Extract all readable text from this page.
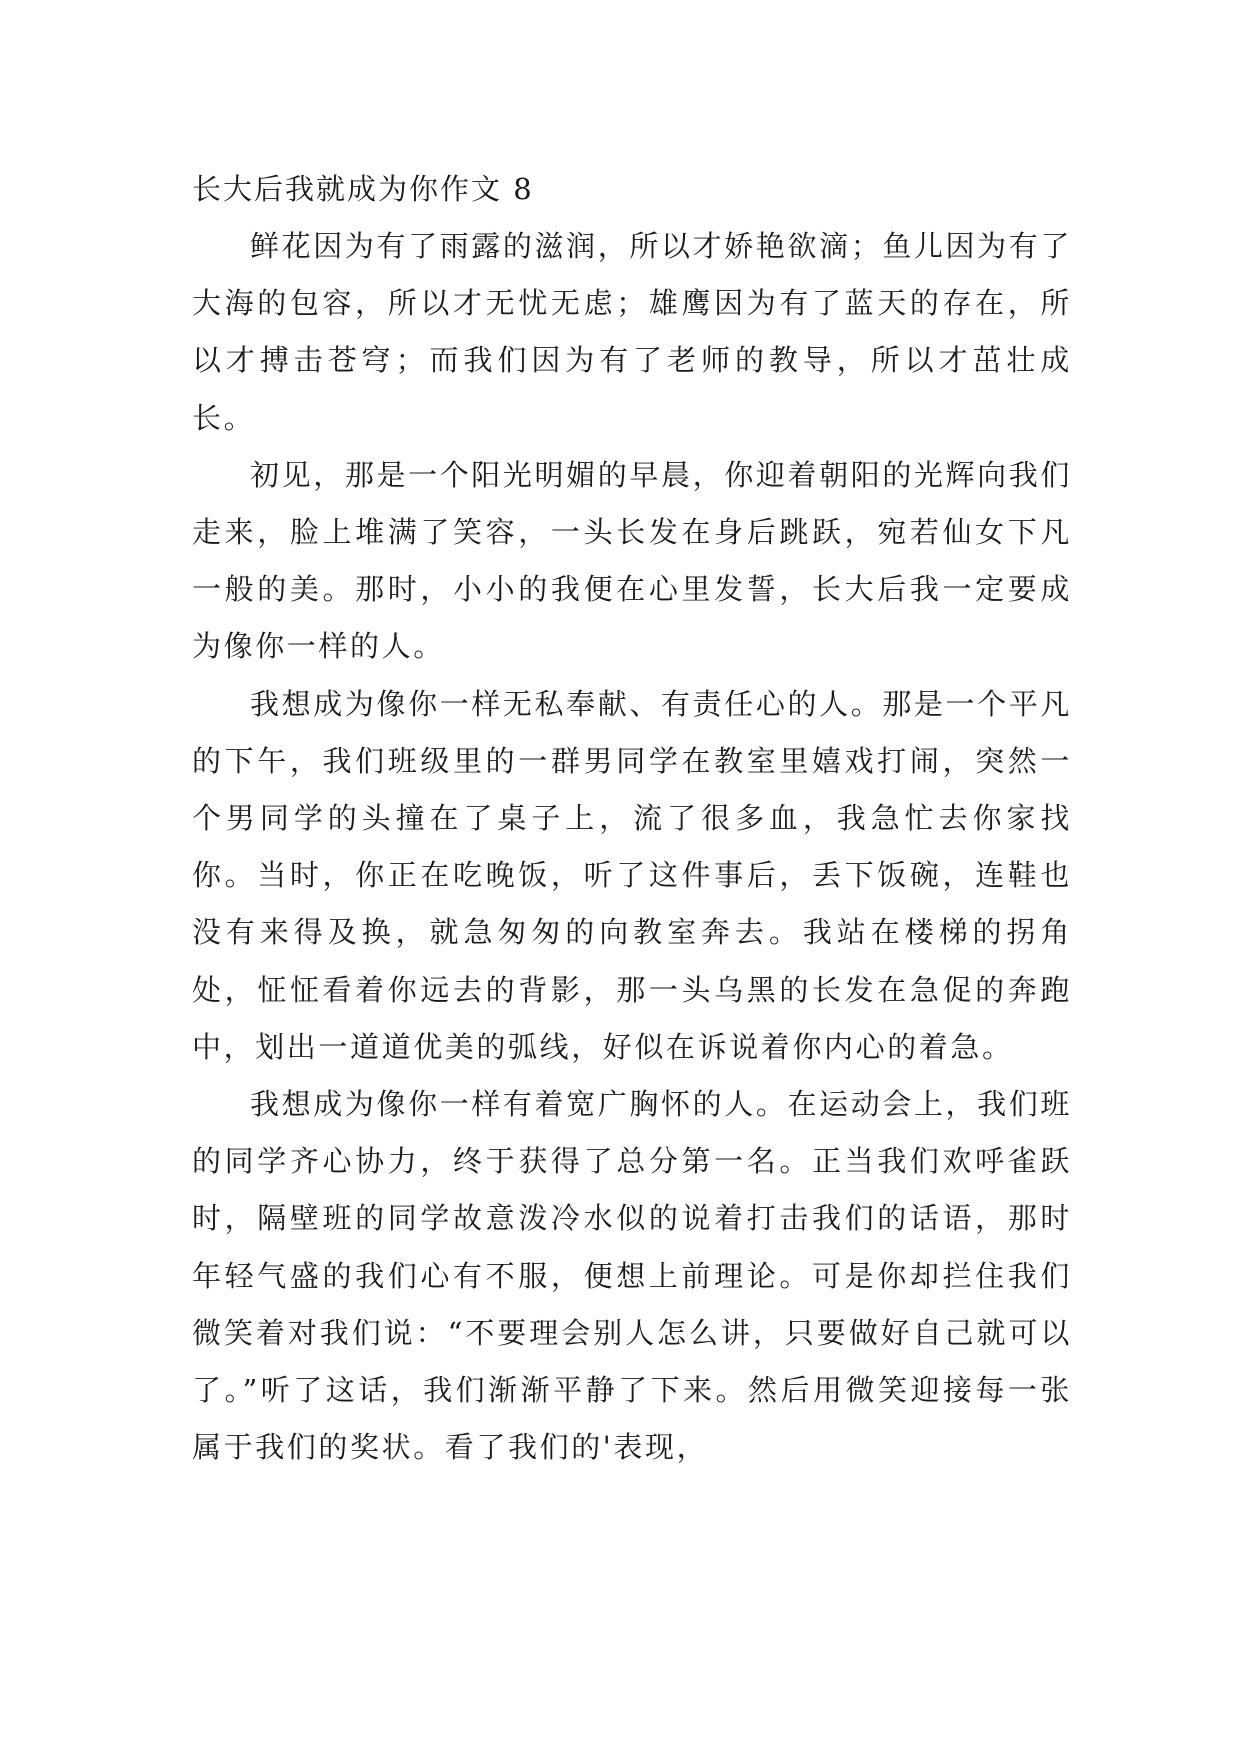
长大后我就成为你作文 8

鲜花因为有了雨露的滋润，所以才娇艳欲滴；鱼儿因为有了大海的包容，所以才无忧无虑；雄鹰因为有了蓝天的存在，所以才搏击苍穹；而我们因为有了老师的教导，所以才茁壮成长。

初见，那是一个阳光明媚的早晨，你迎着朝阳的光辉向我们走来，脸上堆满了笑容，一头长发在身后跳跃，宛若仙女下凡一般的美。那时，小小的我便在心里发誓，长大后我一定要成为像你一样的人。

我想成为像你一样无私奉献、有责任心的人。那是一个平凡的下午，我们班级里的一群男同学在教室里嬉戏打闹，突然一个男同学的头撞在了桌子上，流了很多血，我急忙去你家找你。当时，你正在吃晚饭，听了这件事后，丢下饭碗，连鞋也没有来得及换，就急匆匆的向教室奔去。我站在楼梯的拐角处，怔怔看着你远去的背影，那一头乌黑的长发在急促的奔跑中，划出一道道优美的弧线，好似在诉说着你内心的着急。

我想成为像你一样有着宽广胸怀的人。在运动会上，我们班的同学齐心协力，终于获得了总分第一名。正当我们欢呼雀跃时，隔壁班的同学故意泼冷水似的说着打击我们的话语，那时年轻气盛的我们心有不服，便想上前理论。可是你却拦住我们微笑着对我们说：“不要理会别人怎么讲，只要做好自己就可以了。”听了这话，我们渐渐平静了下来。然后用微笑迎接每一张属于我们的奖状。看了我们的'表现，
